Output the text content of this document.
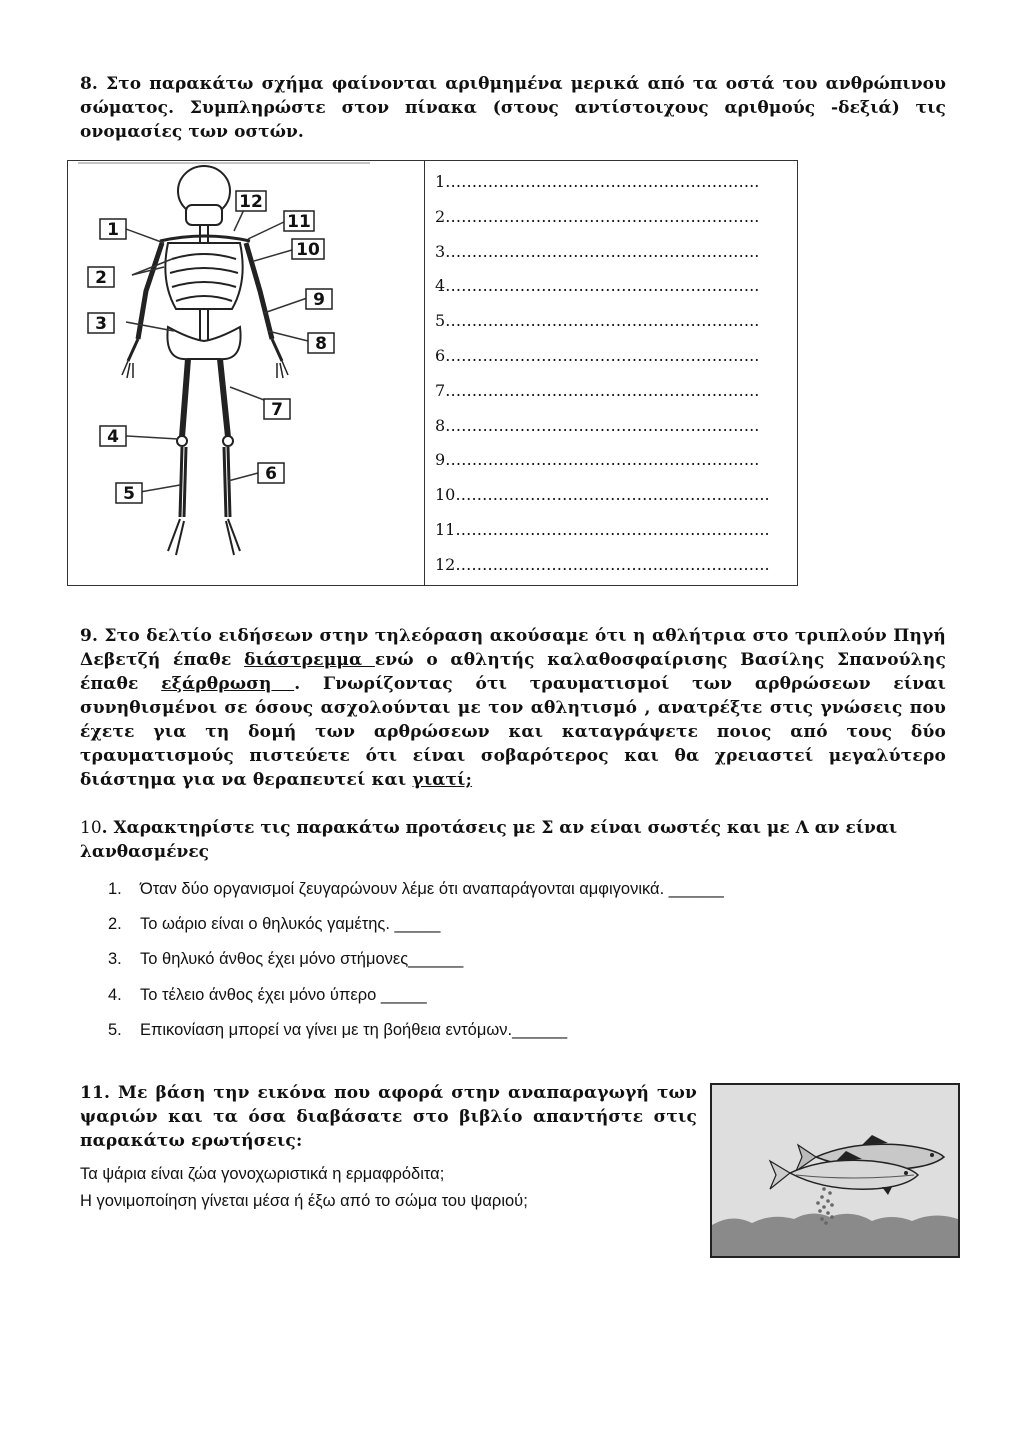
8. Στο παρακάτω σχήμα φαίνονται αριθμημένα μερικά από τα οστά του ανθρώπινου σώματος. Συμπληρώστε στον πίνακα (στους αντίστοιχους αριθμούς -δεξιά) τις ονομασίες των οστών.
1
2
3
4
5
6
7
8
9
10
11
12
1…………………………………………………..
2…………………………………………………..
3…………………………………………………..
4…………………………………………………..
5…………………………………………………..
6…………………………………………………..
7…………………………………………………..
8…………………………………………………..
9…………………………………………………..
10…………………………………………………..
11…………………………………………………..
12…………………………………………………..
9. Στο δελτίο ειδήσεων στην τηλεόραση ακούσαμε ότι η αθλήτρια στο τριπλούν Πηγή Δεβετζή έπαθε διάστρεμμα ενώ ο αθλητής καλαθοσφαίρισης Βασίλης Σπανούλης έπαθε εξάρθρωση . Γνωρίζοντας ότι τραυματισμοί των αρθρώσεων είναι συνηθισμένοι σε όσους ασχολούνται με τον αθλητισμό , ανατρέξτε στις γνώσεις που έχετε για τη δομή των αρθρώσεων και καταγράψετε ποιος από τους δύο τραυματισμούς πιστεύετε ότι είναι σοβαρότερος και θα χρειαστεί μεγαλύτερο διάστημα για να θεραπευτεί και γιατί;
10. Χαρακτηρίστε τις παρακάτω προτάσεις με Σ αν είναι σωστές και με Λ αν είναι λανθασμένες
1. Όταν δύο οργανισμοί ζευγαρώνουν λέμε ότι αναπαράγονται αμφιγονικά. ______
2. Το ωάριο είναι ο θηλυκός γαμέτης. _____
3. Το θηλυκό άνθος έχει μόνο στήμονες______
4. Το τέλειο άνθος έχει μόνο ύπερο _____
5. Επικονίαση μπορεί να γίνει με τη βοήθεια εντόμων.______
11. Με βάση την εικόνα που αφορά στην αναπαραγωγή των ψαριών και τα όσα διαβάσατε στο βιβλίο απαντήστε στις παρακάτω ερωτήσεις:
Τα ψάρια είναι ζώα γονοχωριστικά η ερμαφρόδιτα;
Η γονιμοποίηση γίνεται μέσα ή έξω από το σώμα του ψαριού;
